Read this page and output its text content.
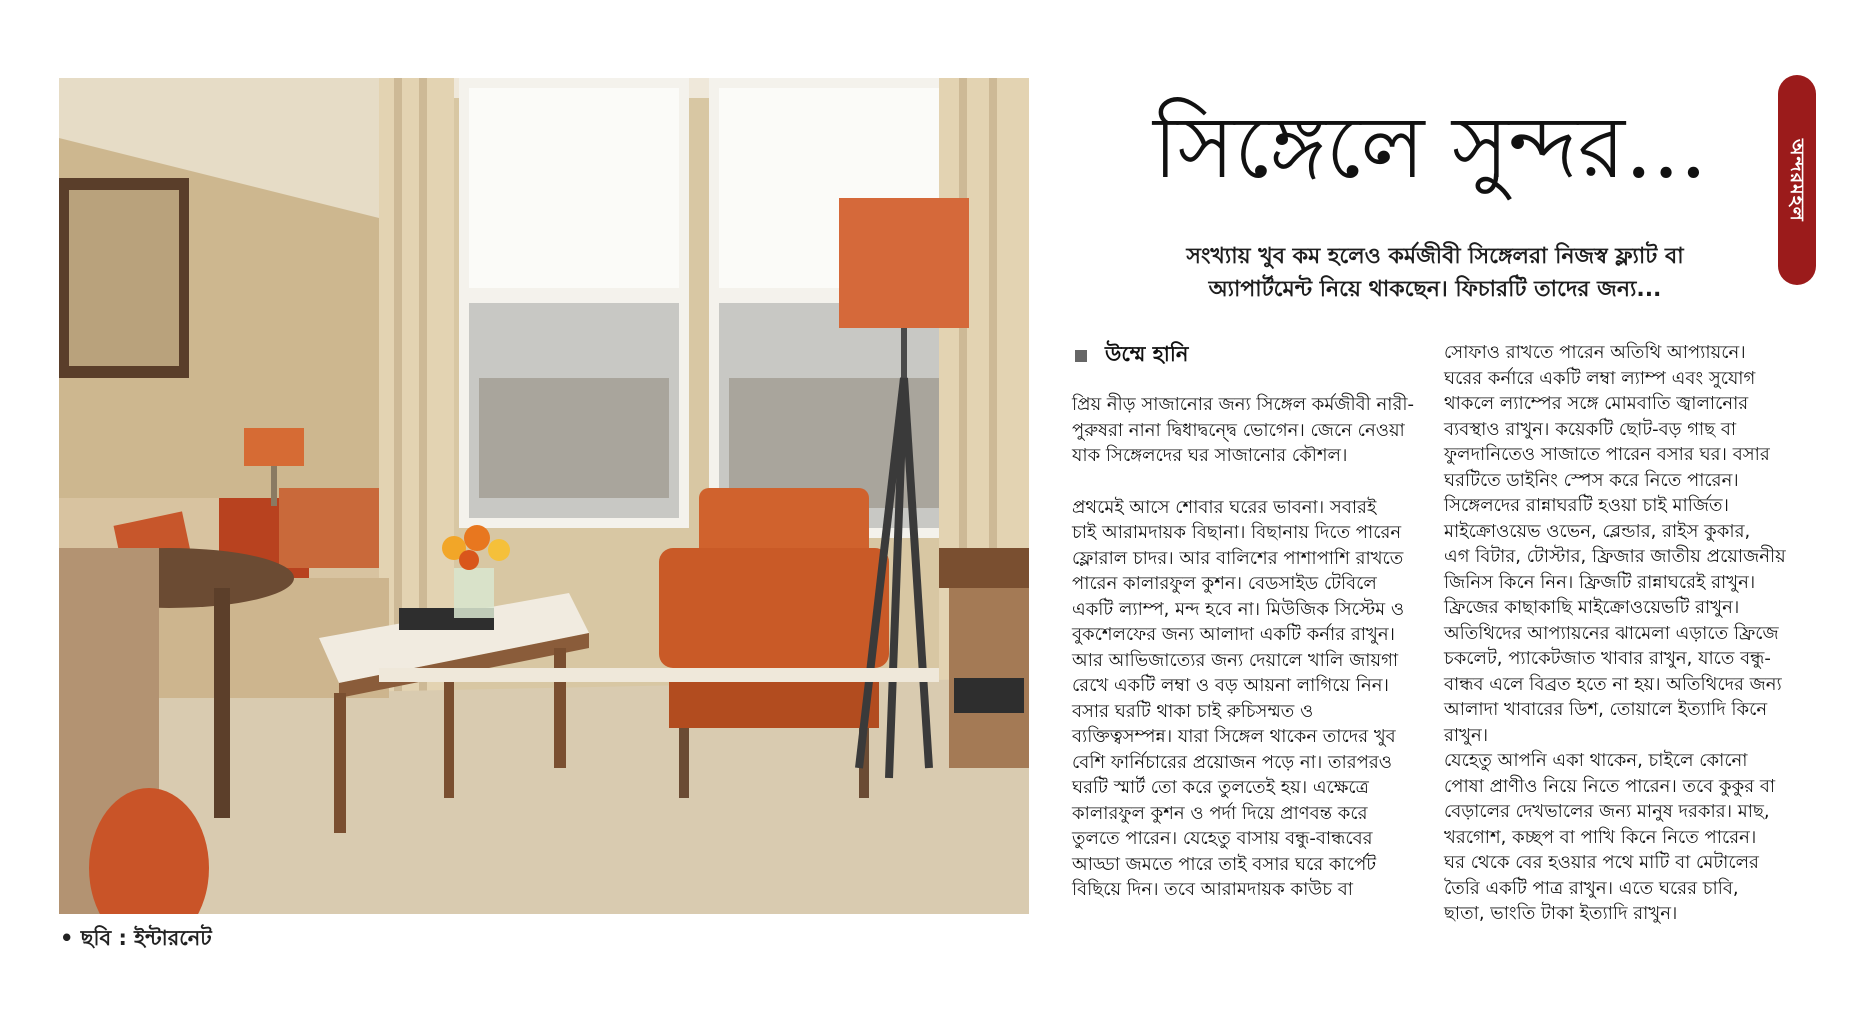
• ছবি : ইন্টারনেট
অন্দরমহল
সিঙ্গেলে সুন্দর...
সংখ্যায় খুব কম হলেও কর্মজীবী সিঙ্গেলরা নিজস্ব ফ্ল্যাট বা
অ্যাপার্টমেন্ট নিয়ে থাকছেন। ফিচারটি তাদের জন্য...
উম্মে হানি

প্রিয় নীড় সাজানোর জন্য সিঙ্গেল কর্মজীবী নারী-

পুরুষরা নানা দ্বিধাদ্বন্দ্বে ভোগেন। জেনে নেওয়া

যাক সিঙ্গেলদের ঘর সাজানোর কৌশল।

প্রথমেই আসে শোবার ঘরের ভাবনা। সবারই

চাই আরামদায়ক বিছানা। বিছানায় দিতে পারেন

ফ্লোরাল চাদর। আর বালিশের পাশাপাশি রাখতে

পারেন কালারফুল কুশন। বেডসাইড টেবিলে

একটি ল্যাম্প, মন্দ হবে না। মিউজিক সিস্টেম ও

বুকশেলফের জন্য আলাদা একটি কর্নার রাখুন।

আর আভিজাত্যের জন্য দেয়ালে খালি জায়গা

রেখে একটি লম্বা ও বড় আয়না লাগিয়ে নিন।

বসার ঘরটি থাকা চাই রুচিসম্মত ও

ব্যক্তিত্বসম্পন্ন। যারা সিঙ্গেল থাকেন তাদের খুব

বেশি ফার্নিচারের প্রয়োজন পড়ে না। তারপরও

ঘরটি স্মার্ট তো করে তুলতেই হয়। এক্ষেত্রে

কালারফুল কুশন ও পর্দা দিয়ে প্রাণবন্ত করে

তুলতে পারেন। যেহেতু বাসায় বন্ধু-বান্ধবের

আড্ডা জমতে পারে তাই বসার ঘরে কার্পেট

বিছিয়ে দিন। তবে আরামদায়ক কাউচ বা

সোফাও রাখতে পারেন অতিথি আপ্যায়নে।

ঘরের কর্নারে একটি লম্বা ল্যাম্প এবং সুযোগ

থাকলে ল্যাম্পের সঙ্গে মোমবাতি জ্বালানোর

ব্যবস্থাও রাখুন। কয়েকটি ছোট-বড় গাছ বা

ফুলদানিতেও সাজাতে পারেন বসার ঘর। বসার

ঘরটিতে ডাইনিং স্পেস করে নিতে পারেন।

সিঙ্গেলদের রান্নাঘরটি হওয়া চাই মার্জিত।

মাইক্রোওয়েভ ওভেন, ব্লেন্ডার, রাইস কুকার,

এগ বিটার, টোস্টার, ফ্রিজার জাতীয় প্রয়োজনীয়

জিনিস কিনে নিন। ফ্রিজটি রান্নাঘরেই রাখুন।

ফ্রিজের কাছাকাছি মাইক্রোওয়েভটি রাখুন।

অতিথিদের আপ্যায়নের ঝামেলা এড়াতে ফ্রিজে

চকলেট, প্যাকেটজাত খাবার রাখুন, যাতে বন্ধু-

বান্ধব এলে বিব্রত হতে না হয়। অতিথিদের জন্য

আলাদা খাবারের ডিশ, তোয়ালে ইত্যাদি কিনে

রাখুন।

যেহেতু আপনি একা থাকেন, চাইলে কোনো

পোষা প্রাণীও নিয়ে নিতে পারেন। তবে কুকুর বা

বেড়ালের দেখভালের জন্য মানুষ দরকার। মাছ,

খরগোশ, কচ্ছপ বা পাখি কিনে নিতে পারেন।

ঘর থেকে বের হওয়ার পথে মাটি বা মেটালের

তৈরি একটি পাত্র রাখুন। এতে ঘরের চাবি,

ছাতা, ভাংতি টাকা ইত্যাদি রাখুন।
